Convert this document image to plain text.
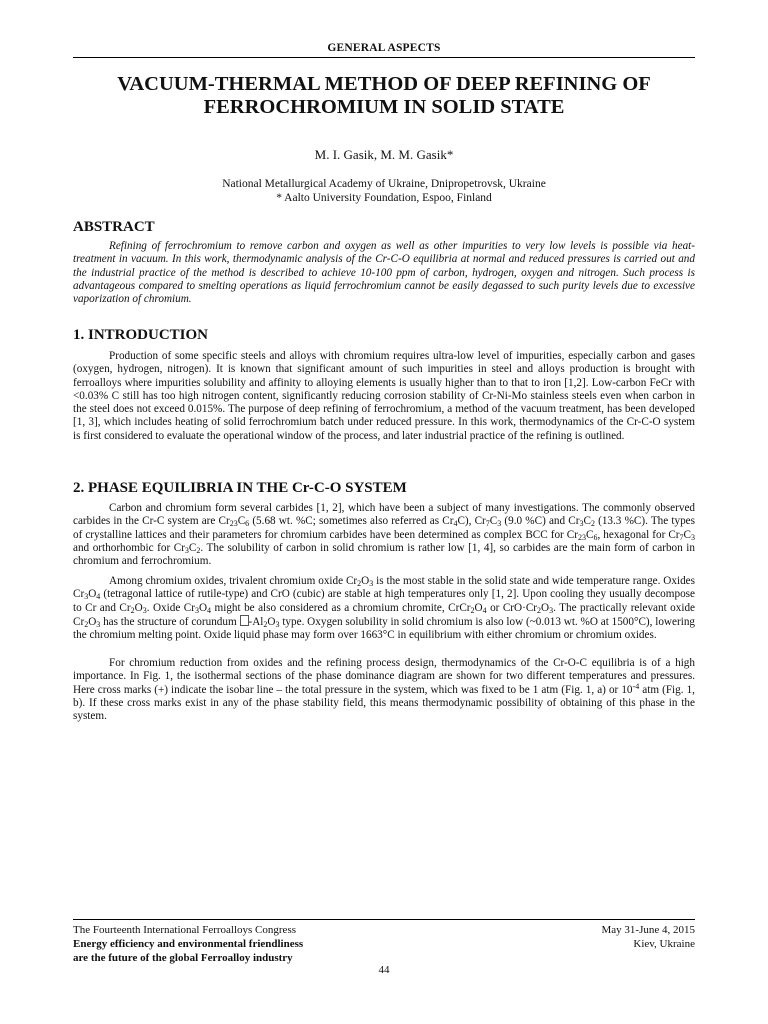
GENERAL ASPECTS
VACUUM-THERMAL METHOD OF DEEP REFINING OF
FERROCHROMIUM IN SOLID STATE
M. I. Gasik, M. M. Gasik*
National Metallurgical Academy of Ukraine, Dnipropetrovsk, Ukraine
* Aalto University Foundation, Espoo, Finland
ABSTRACT

Refining of ferrochromium to remove carbon and oxygen as well as other impurities to very low levels is possible via heat-treatment in vacuum. In this work, thermodynamic analysis of the Cr-C-O equilibria at normal and reduced pressures is carried out and the industrial practice of the method is described to achieve 10-100 ppm of carbon, hydrogen, oxygen and nitrogen. Such process is advantageous compared to smelting operations as liquid ferrochromium cannot be easily degassed to such purity levels due to excessive vaporization of chromium.

1. INTRODUCTION

Production of some specific steels and alloys with chromium requires ultra-low level of impurities, especially carbon and gases (oxygen, hydrogen, nitrogen). It is known that significant amount of such impurities in steel and alloys production is brought with ferroalloys where impurities solubility and affinity to alloying elements is usually higher than to that to iron [1,2]. Low-carbon FeCr with <0.03% C still has too high nitrogen content, significantly reducing corrosion stability of Cr-Ni-Mo stainless steels even when carbon in the steel does not exceed 0.015%. The purpose of deep refining of ferrochromium, a method of the vacuum treatment, has been developed [1, 3], which includes heating of solid ferrochromium batch under reduced pressure. In this work, thermodynamics of the Cr-C-O system is first considered to evaluate the operational window of the process, and later industrial practice of the refining is outlined.

2. PHASE EQUILIBRIA IN THE Cr-C-O SYSTEM

Carbon and chromium form several carbides [1, 2], which have been a subject of many investigations. The commonly observed carbides in the Cr-C system are $Cr_{23}C_6$ (5.68 wt. %C; sometimes also referred as $Cr_4C$), $Cr_7C_3$ (9.0 %C) and $Cr_3C_2$ (13.3 %C). The types of crystalline lattices and their parameters for chromium carbides have been determined as complex BCC for $Cr_{23}C_6$, hexagonal for $Cr_7C_3$ and orthorhombic for $Cr_3C_2$. The solubility of carbon in solid chromium is rather low [1, 4], so carbides are the main form of carbon in chromium and ferrochromium.

Among chromium oxides, trivalent chromium oxide $Cr_2O_3$ is the most stable in the solid state and wide temperature range. Oxides $Cr_3O_4$ (tetragonal lattice of rutile-type) and CrO (cubic) are stable at high temperatures only [1, 2]. Upon cooling they usually decompose to Cr and $Cr_2O_3$. Oxide $Cr_3O_4$ might be also considered as a chromium chromite, $CrCr_2O_4$ or $CrO\cdot Cr_2O_3$. The practically relevant oxide $Cr_2O_3$ has the structure of corundum $-Al_2O_3$ type. Oxygen solubility in solid chromium is also low (~0.013 wt. %O at 1500°C), lowering the chromium melting point. Oxide liquid phase may form over 1663°C in equilibrium with either chromium or chromium oxides.

For chromium reduction from oxides and the refining process design, thermodynamics of the Cr-O-C equilibria is of a high importance. In Fig. 1, the isothermal sections of the phase dominance diagram are shown for two different temperatures and pressures. Here cross marks (+) indicate the isobar line – the total pressure in the system, which was fixed to be 1 atm (Fig. 1, a) or $10^{-4}$ atm (Fig. 1, b). If these cross marks exist in any of the phase stability field, this means thermodynamic possibility of obtaining of this phase in the system.

The Fourteenth International Ferroalloys Congress
Energy efficiency and environmental friendliness
are the future of the global Ferroalloy industry
May 31-June 4, 2015
Kiev, Ukraine
44
